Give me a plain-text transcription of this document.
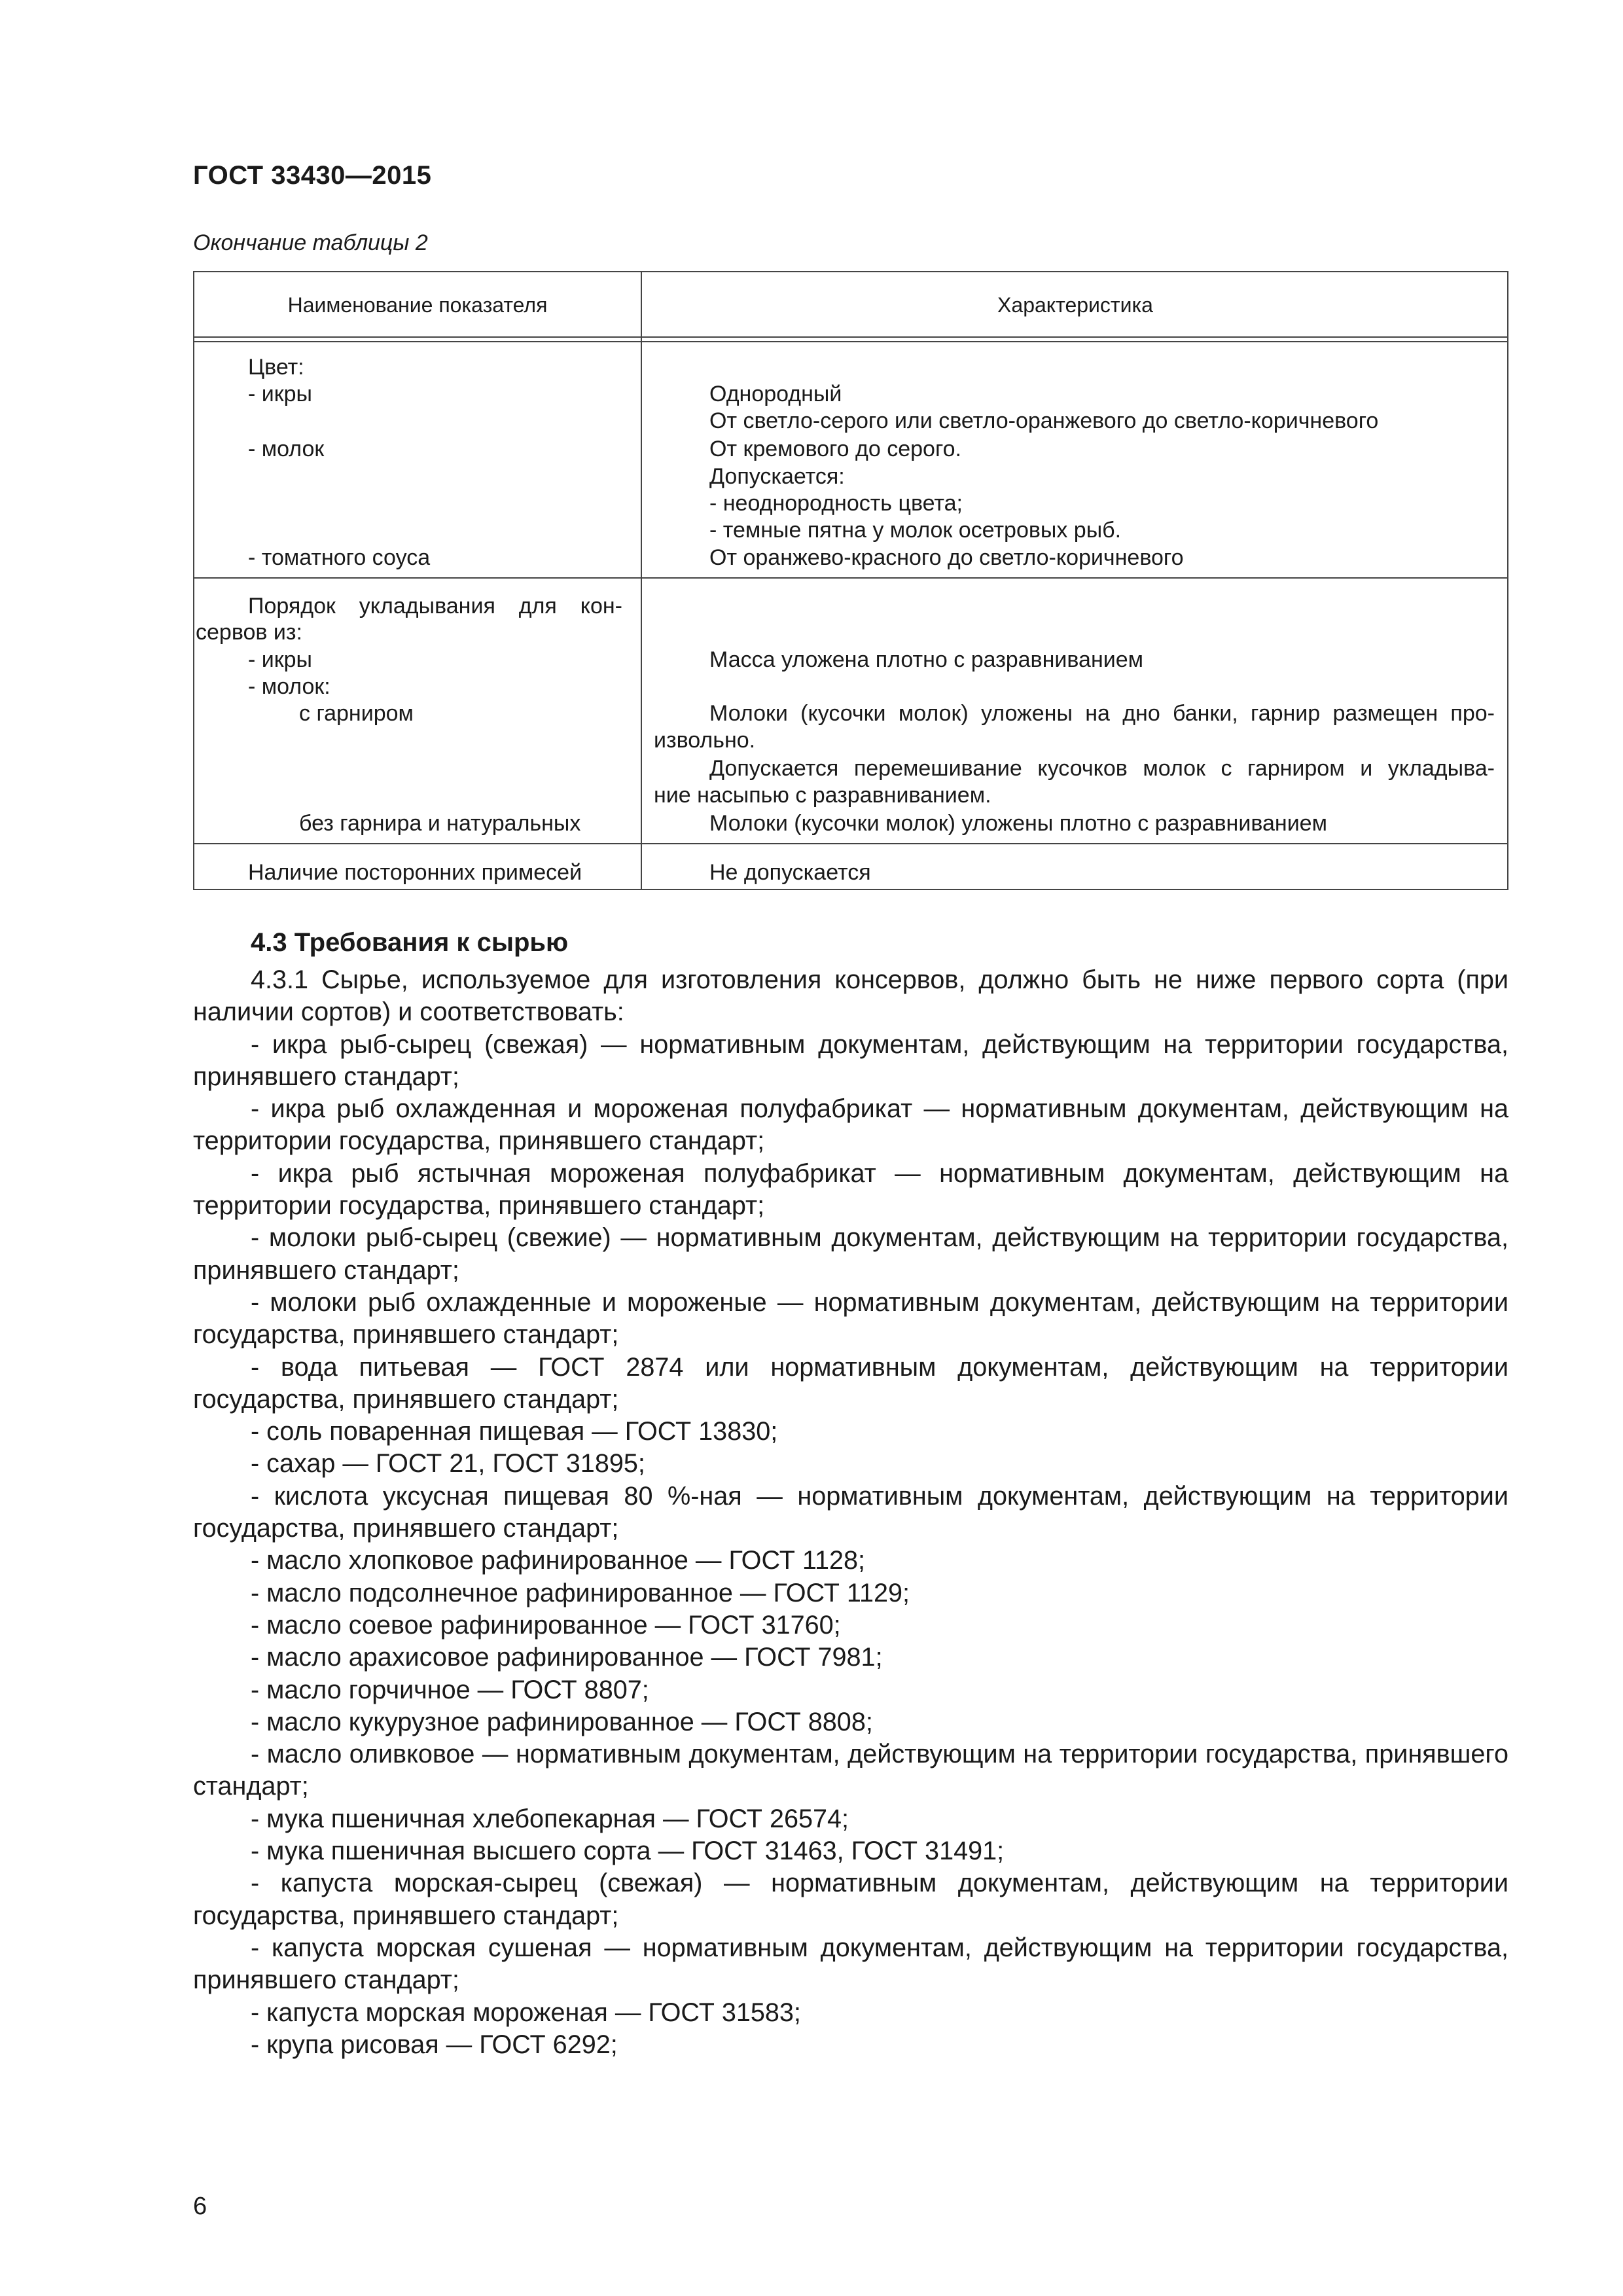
ГОСТ 33430—2015
Окончание таблицы 2
Наименование показателя	Характеристика
Цвет:
- икры
- молок
- томатного соуса
Однородный
От светло-серого или светло-оранжевого до светло-коричневого
От кремового до серого.
Допускается:
- неоднородность цвета;
- темные пятна у молок осетровых рыб.
От оранжево-красного до светло-коричневого
Порядок укладывания для кон-
сервов из:
- икры
- молок:
с гарниром
без гарнира и натуральных
Масса уложена плотно с разравниванием
Молоки (кусочки молок) уложены на дно банки, гарнир размещен про-
извольно.
Допускается перемешивание кусочков молок с гарниром и укладыва-
ние насыпью с разравниванием.
Молоки (кусочки молок) уложены плотно с разравниванием
Наличие посторонних примесей	Не допускается
4.3 Требования к сырью

4.3.1 Сырье, используемое для изготовления консервов, должно быть не ниже первого сорта (при наличии сортов) и соответствовать:

- икра рыб-сырец (свежая) — нормативным документам, действующим на территории государства, принявшего стандарт;

- икра рыб охлажденная и мороженая полуфабрикат — нормативным документам, действующим на территории государства, принявшего стандарт;

- икра рыб ястычная мороженая полуфабрикат — нормативным документам, действующим на территории государства, принявшего стандарт;

- молоки рыб-сырец (свежие) — нормативным документам, действующим на территории государства, принявшего стандарт;

- молоки рыб охлажденные и мороженые — нормативным документам, действующим на территории государства, принявшего стандарт;

- вода питьевая — ГОСТ 2874 или нормативным документам, действующим на территории государства, принявшего стандарт;

- соль поваренная пищевая — ГОСТ 13830;

- сахар — ГОСТ 21, ГОСТ 31895;

- кислота уксусная пищевая 80 %-ная — нормативным документам, действующим на территории государства, принявшего стандарт;

- масло хлопковое рафинированное — ГОСТ 1128;

- масло подсолнечное рафинированное — ГОСТ 1129;

- масло соевое рафинированное — ГОСТ 31760;

- масло арахисовое рафинированное — ГОСТ 7981;

- масло горчичное — ГОСТ 8807;

- масло кукурузное рафинированное — ГОСТ 8808;

- масло оливковое — нормативным документам, действующим на территории государства, принявшего стандарт;

- мука пшеничная хлебопекарная — ГОСТ 26574;

- мука пшеничная высшего сорта — ГОСТ 31463, ГОСТ 31491;

- капуста морская-сырец (свежая) — нормативным документам, действующим на территории государства, принявшего стандарт;

- капуста морская сушеная — нормативным документам, действующим на территории государства, принявшего стандарт;

- капуста морская мороженая — ГОСТ 31583;

- крупа рисовая — ГОСТ 6292;

6
